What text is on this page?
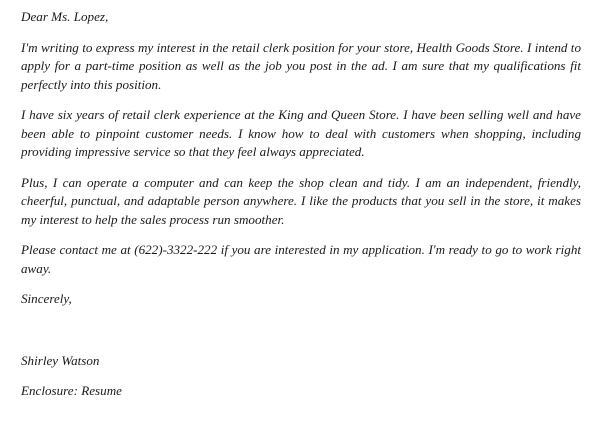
Dear Ms. Lopez,

I'm writing to express my interest in the retail clerk position for your store, Health Goods Store. I intend to apply for a part-time position as well as the job you post in the ad. I am sure that my qualifications fit perfectly into this position.

I have six years of retail clerk experience at the King and Queen Store. I have been selling well and have been able to pinpoint customer needs. I know how to deal with customers when shopping, including providing impressive service so that they feel always appreciated.

Plus, I can operate a computer and can keep the shop clean and tidy. I am an independent, friendly, cheerful, punctual, and adaptable person anywhere. I like the products that you sell in the store, it makes my interest to help the sales process run smoother.

Please contact me at (622)-3322-222 if you are interested in my application. I'm ready to go to work right away.

Sincerely,

Shirley Watson

Enclosure: Resume
